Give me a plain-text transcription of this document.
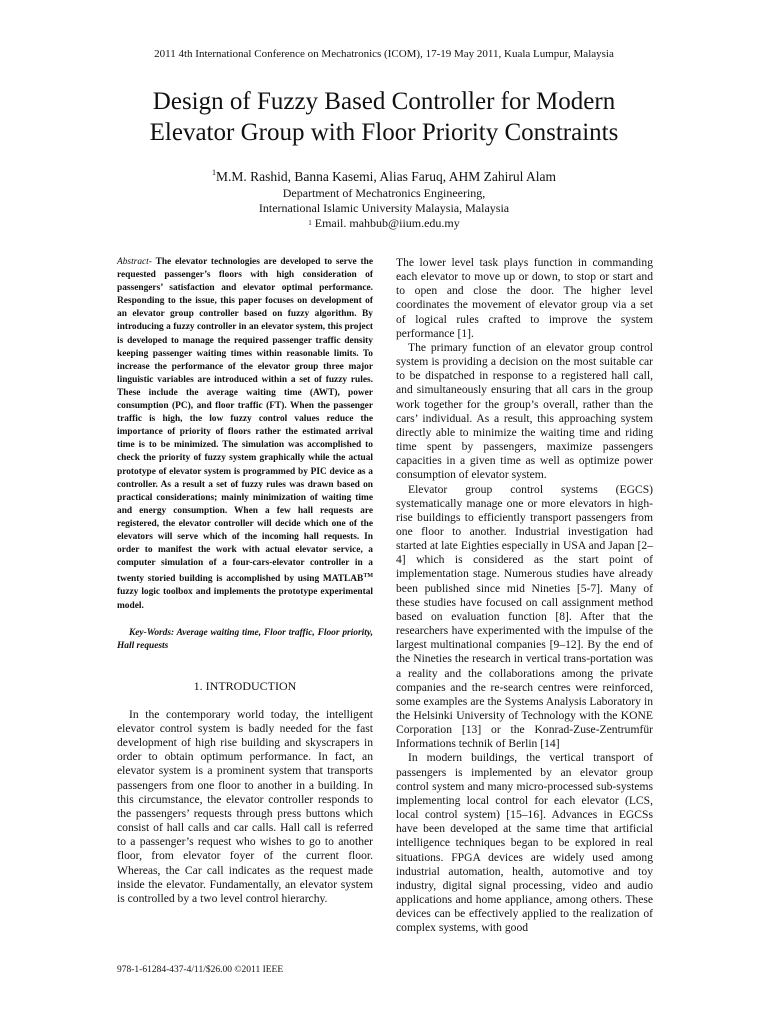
2011 4th International Conference on Mechatronics (ICOM), 17-19 May 2011, Kuala Lumpur, Malaysia
Design of Fuzzy Based Controller for Modern
Elevator Group with Floor Priority Constraints
$^1$M.M. Rashid, Banna Kasemi, Alias Faruq, AHM Zahirul Alam
Department of Mechatronics Engineering,
International Islamic University Malaysia, Malaysia
$^1$ Email. mahbub@iium.edu.my

Abstract- The elevator technologies are developed to serve the requested passenger’s floors with high consideration of passengers’ satisfaction and elevator optimal performance. Responding to the issue, this paper focuses on development of an elevator group controller based on fuzzy algorithm. By introducing a fuzzy controller in an elevator system, this project is developed to manage the required passenger traffic density keeping passenger waiting times within reasonable limits. To increase the performance of the elevator group three major linguistic variables are introduced within a set of fuzzy rules. These include the average waiting time (AWT), power consumption (PC), and floor traffic (FT). When the passenger traffic is high, the low fuzzy control values reduce the importance of priority of floors rather the estimated arrival time is to be minimized. The simulation was accomplished to check the priority of fuzzy system graphically while the actual prototype of elevator system is programmed by PIC device as a controller. As a result a set of fuzzy rules was drawn based on practical considerations; mainly minimization of waiting time and energy consumption. When a few hall requests are registered, the elevator controller will decide which one of the elevators will serve which of the incoming hall requests. In order to manifest the work with actual elevator service, a computer simulation of a four-cars-elevator controller in a twenty storied building is accomplished by using MATLAB™ fuzzy logic toolbox and implements the prototype experimental model.

Key-Words: Average waiting time, Floor traffic, Floor priority, Hall requests

1. INTRODUCTION

In the contemporary world today, the intelligent elevator control system is badly needed for the fast development of high rise building and skyscrapers in order to obtain optimum performance. In fact, an elevator system is a prominent system that transports passengers from one floor to another in a building. In this circumstance, the elevator controller responds to the passengers’ requests through press buttons which consist of hall calls and car calls. Hall call is referred to a passenger’s request who wishes to go to another floor, from elevator foyer of the current floor. Whereas, the Car call indicates as the request made inside the elevator. Fundamentally, an elevator system is controlled by a two level control hierarchy.

The lower level task plays function in commanding each elevator to move up or down, to stop or start and to open and close the door. The higher level coordinates the movement of elevator group via a set of logical rules crafted to improve the system performance [1].

The primary function of an elevator group control system is providing a decision on the most suitable car to be dispatched in response to a registered hall call, and simultaneously ensuring that all cars in the group work together for the group’s overall, rather than the cars’ individual. As a result, this approaching system directly able to minimize the waiting time and riding time spent by passengers, maximize passengers capacities in a given time as well as optimize power consumption of elevator system.

Elevator group control systems (EGCS) systematically manage one or more elevators in high-rise buildings to efficiently transport passengers from one floor to another. Industrial investigation had started at late Eighties especially in USA and Japan [2–4] which is considered as the start point of implementation stage. Numerous studies have already been published since mid Nineties [5-7]. Many of these studies have focused on call assignment method based on evaluation function [8]. After that the researchers have experimented with the impulse of the largest multinational companies [9–12]. By the end of the Nineties the research in vertical trans-portation was a reality and the collaborations among the private companies and the re-search centres were reinforced, some examples are the Systems Analysis Laboratory in the Helsinki University of Technology with the KONE Corporation [13] or the Konrad-Zuse-Zentrumfür Informations technik of Berlin [14]

In modern buildings, the vertical transport of passengers is implemented by an elevator group control system and many micro-processed sub-systems implementing local control for each elevator (LCS, local control system) [15–16]. Advances in EGCSs have been developed at the same time that artificial intelligence techniques began to be explored in real situations. FPGA devices are widely used among industrial automation, health, automotive and toy industry, digital signal processing, video and audio applications and home appliance, among others. These devices can be effectively applied to the realization of complex systems, with good

978-1-61284-437-4/11/$26.00 ©2011 IEEE
